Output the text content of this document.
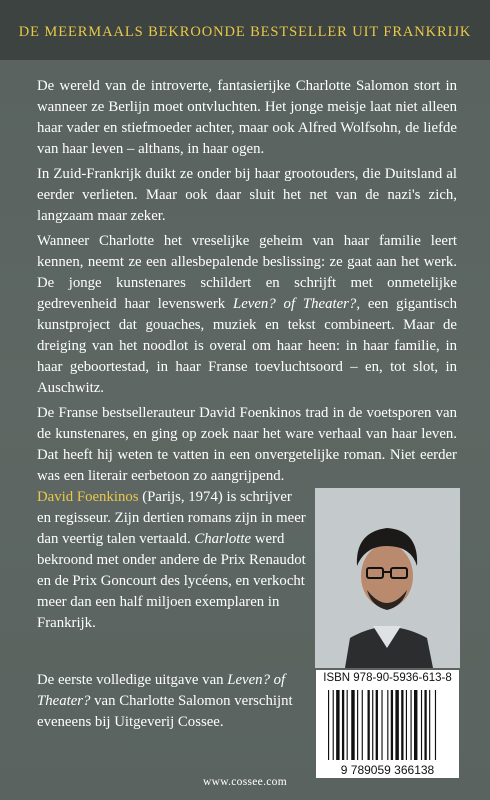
DE MEERMAALS BEKROONDE BESTSELLER UIT FRANKRIJK

De wereld van de introverte, fantasierijke Charlotte Salomon stort in wanneer ze Berlijn moet ontvluchten. Het jonge meisje laat niet alleen haar vader en stiefmoeder achter, maar ook Alfred Wolfsohn, de liefde van haar leven – althans, in haar ogen.

In Zuid-Frankrijk duikt ze onder bij haar grootouders, die Duitsland al eerder verlieten. Maar ook daar sluit het net van de nazi's zich, langzaam maar zeker.

Wanneer Charlotte het vreselijke geheim van haar familie leert kennen, neemt ze een allesbepalende beslissing: ze gaat aan het werk. De jonge kunstenares schildert en schrijft met onmetelijke gedrevenheid haar levenswerk Leven? of Theater?, een gigantisch kunstproject dat gouaches, muziek en tekst combineert. Maar de dreiging van het noodlot is overal om haar heen: in haar familie, in haar geboortestad, in haar Franse toevluchtsoord – en, tot slot, in Auschwitz.

De Franse bestsellerauteur David Foenkinos trad in de voetsporen van de kunstenares, en ging op zoek naar het ware verhaal van haar leven. Dat heeft hij weten te vatten in een onvergetelijke roman. Niet eerder was een literair eerbetoon zo aangrijpend.

David Foenkinos (Parijs, 1974) is schrijver en regisseur. Zijn dertien romans zijn in meer dan veertig talen vertaald. Charlotte werd bekroond met onder andere de Prix Renaudot en de Prix Goncourt des lycéens, en verkocht meer dan een half miljoen exemplaren in Frankrijk.
De eerste volledige uitgave van Leven? of Theater? van Charlotte Salomon verschijnt eveneens bij Uitgeverij Cossee.
ISBN 978-90-5936-613-8
9 789059 366138
www.cossee.com
